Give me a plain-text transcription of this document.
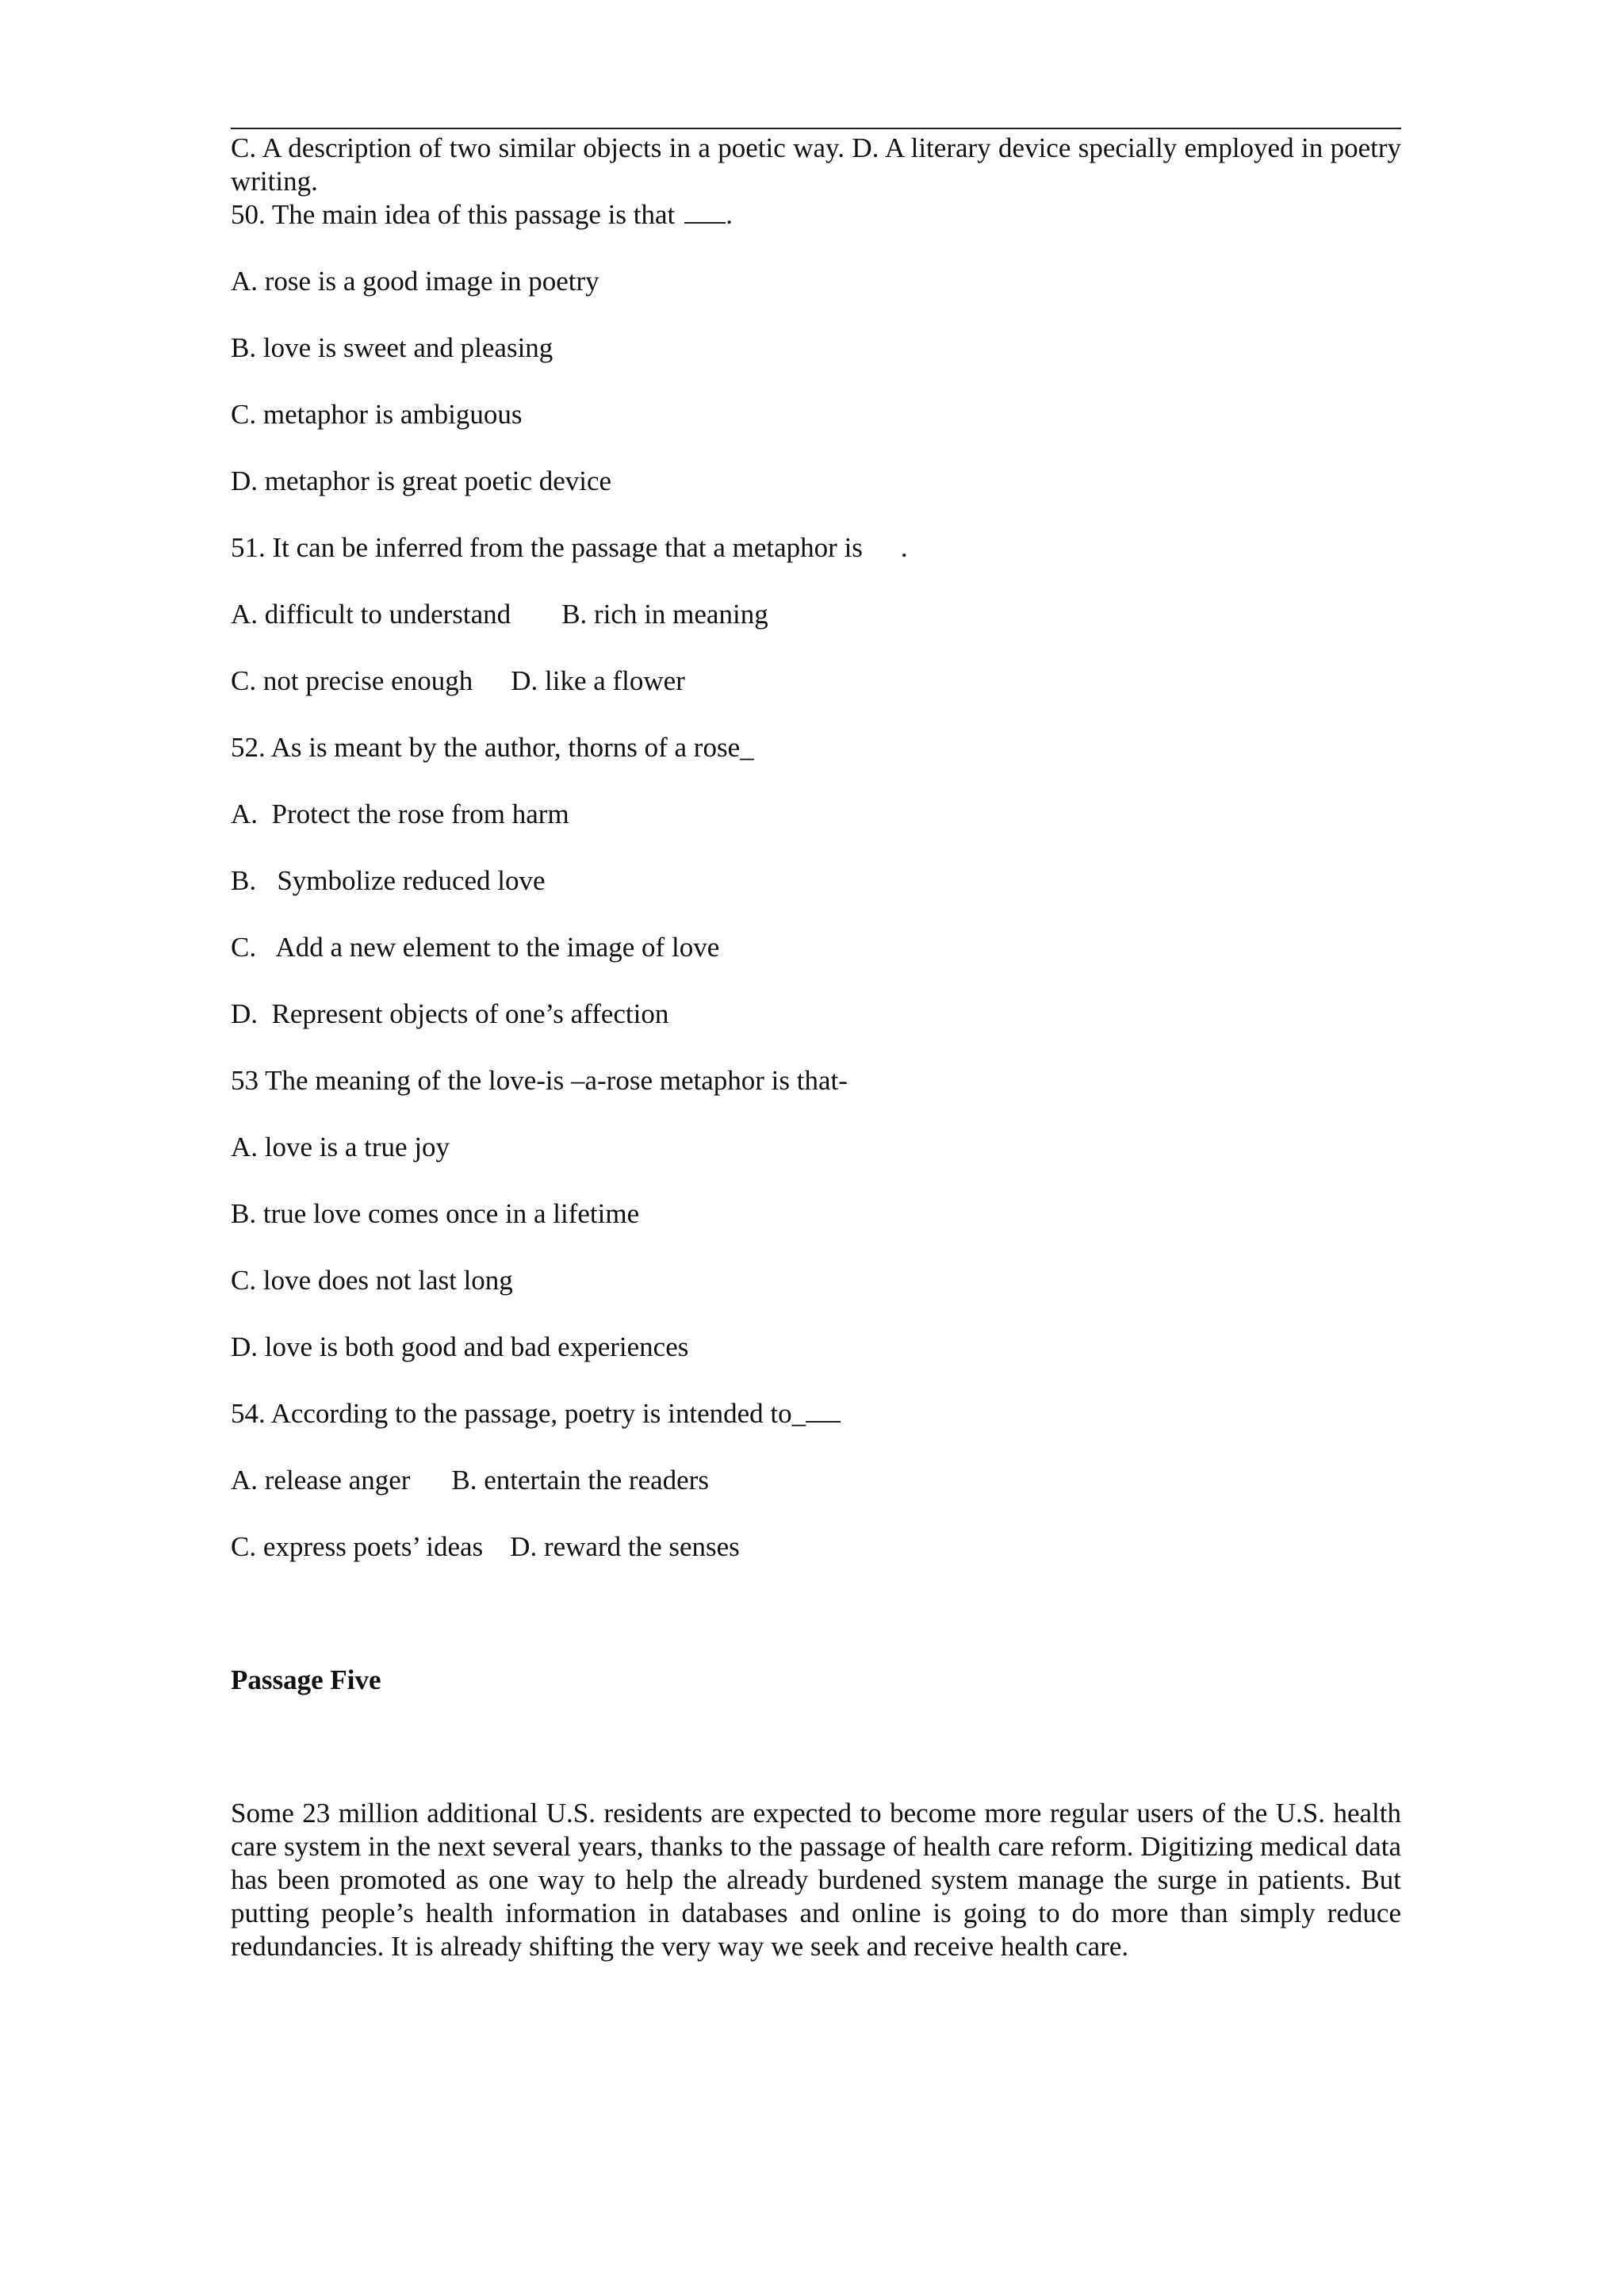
C. A description of two similar objects in a poetic way. D. A literary device specially employed in poetry writing.

50. The main idea of this passage is that .

A. rose is a good image in poetry

B. love is sweet and pleasing

C. metaphor is ambiguous

D. metaphor is great poetic device

51. It can be inferred from the passage that a metaphor is .

A. difficult to understand B. rich in meaning

C. not precise enough D. like a flower

52. As is meant by the author, thorns of a rose_

A.  Protect the rose from harm

B.   Symbolize reduced love

C.   Add a new element to the image of love

D.  Represent objects of one’s affection

53 The meaning of the love-is –a-rose metaphor is that-

A. love is a true joy

B. true love comes once in a lifetime

C. love does not last long

D. love is both good and bad experiences

54. According to the passage, poetry is intended to_

A. release anger B. entertain the readers

C. express poets’ ideas D. reward the senses

Passage Five

Some 23 million additional U.S. residents are expected to become more regular users of the U.S. health care system in the next several years, thanks to the passage of health care reform. Digitizing medical data has been promoted as one way to help the already burdened system manage the surge in patients. But putting people’s health information in databases and online is going to do more than simply reduce redundancies. It is already shifting the very way we seek and receive health care.
